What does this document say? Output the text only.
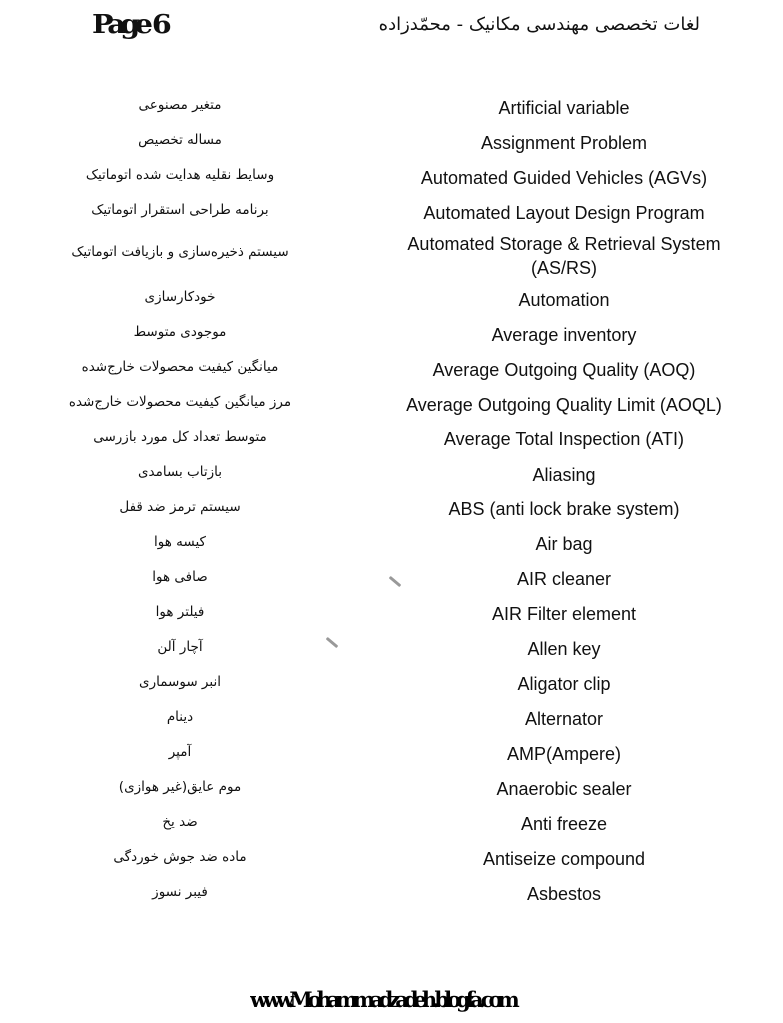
Page 6	لغات تخصصی مهندسی مکانیک - محمّدزاده
متغیر مصنوعی	Artificial variable
مساله تخصیص	Assignment Problem
وسایط نقلیه هدایت شده اتوماتیک	Automated Guided Vehicles (AGVs)
برنامه طراحی استقرار اتوماتیک	Automated Layout Design Program
سیستم ذخیره‌سازی و بازیافت اتوماتیک	Automated Storage & Retrieval System (AS/RS)
خودکارسازی	Automation
موجودی متوسط	Average inventory
میانگین کیفیت محصولات خارج‌شده	Average Outgoing Quality (AOQ)
مرز میانگین کیفیت محصولات خارج‌شده	Average Outgoing Quality Limit (AOQL)
متوسط تعداد کل مورد بازرسی	Average Total Inspection (ATI)
بازتاب بسامدی	Aliasing
سیستم ترمز ضد قفل	ABS (anti lock brake system)
کیسه هوا	Air bag
صافی هوا	AIR cleaner
فیلتر هوا	AIR Filter element
آچار آلن	Allen key
انبر سوسماری	Aligator clip
دینام	Alternator
آمپر	AMP(Ampere)
موم عایق(غیر هوازی)	Anaerobic sealer
ضد یخ	Anti freeze
ماده ضد جوش خوردگی	Antiseize compound
فیبر نسوز	Asbestos
www.Mohammadzadeh.blogfa.com
